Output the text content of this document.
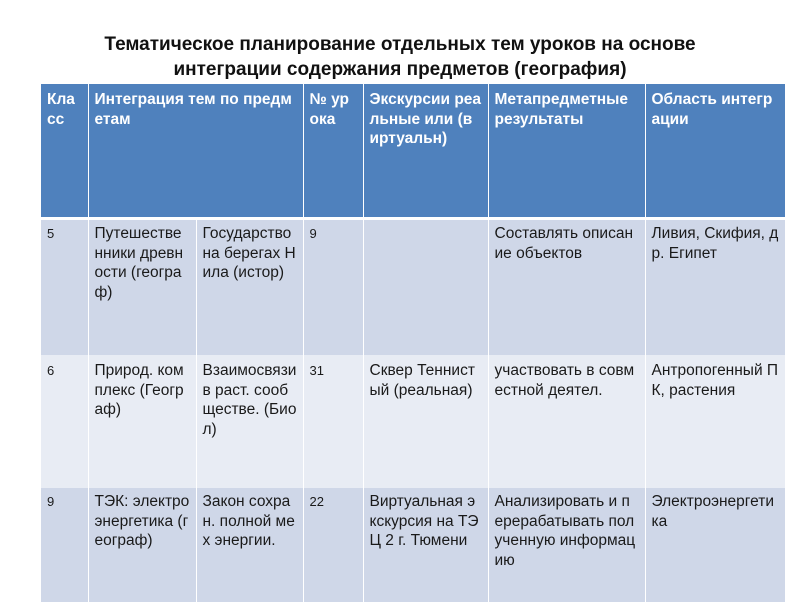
Тематическое планирование отдельных тем уроков на основе
интеграции содержания предметов (география)
Класс	Интеграция тем по предметам		№ урока	Экскурсии реальные или (виртуальн)	Метапредметные результаты	Область интеграции
5	Путешественники древности (географ)	Государство на берегах Нила (истор)	9		Составлять описание объектов	Ливия, Скифия, др. Египет
6	Природ. комплекс (Географ)	Взаимосвязи в раст. сообществе. (Биол)	31	Сквер Теннистый (реальная)	участвовать в совместной деятел.	Антропогенный ПК, растения
9	ТЭК: электроэнергетика (географ)	Закон сохран. полной мех энергии.	22	Виртуальная экскурсия на ТЭЦ 2 г. Тюмени	Анализировать и перерабатывать полученную информацию	Электроэнергетика
